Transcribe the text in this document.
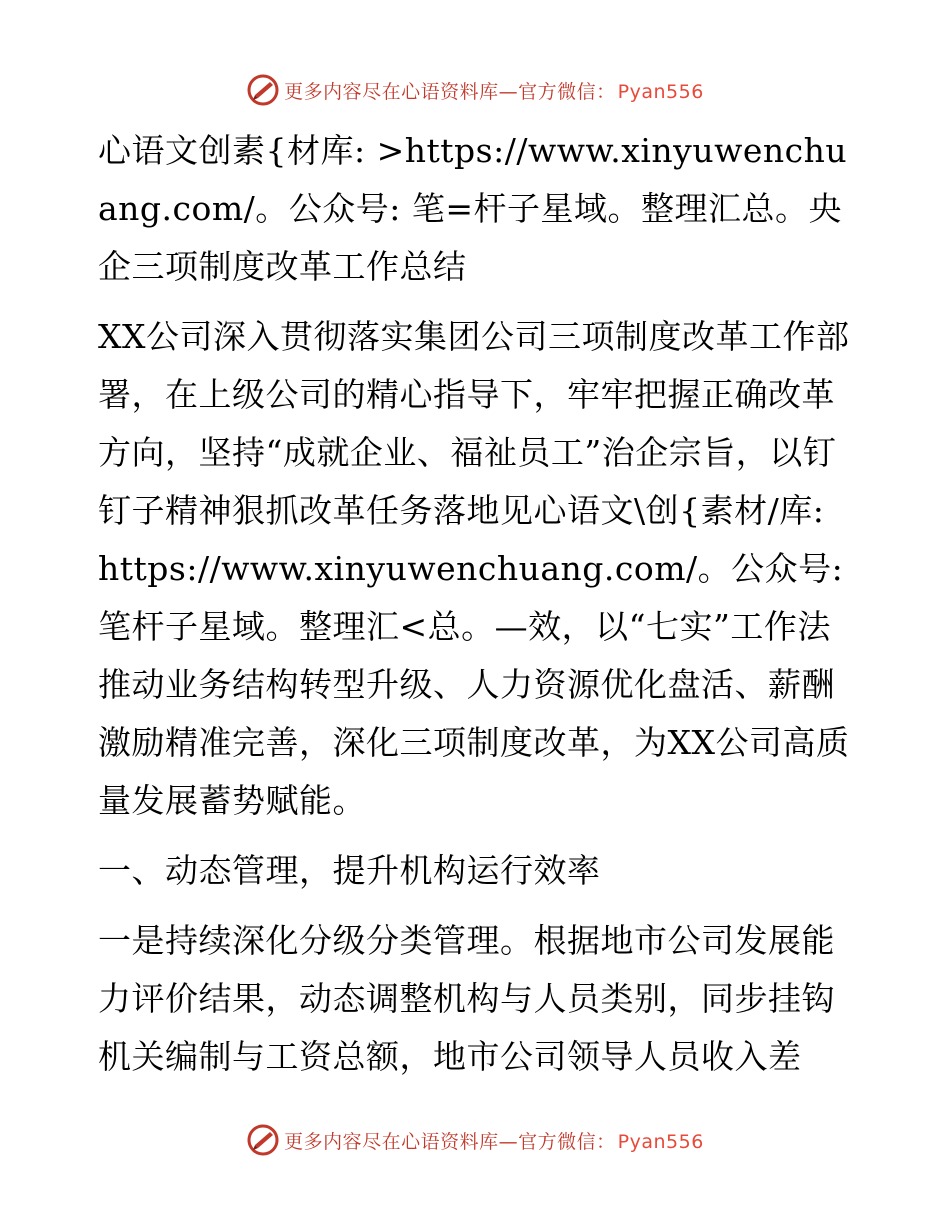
更多内容尽在心语资料库—官方微信： Pyan556

心语文创素{材库: >https://www.xinyuwenchuang.com/。公众号: 笔=杆子星域。整理汇总。央企三项制度改革工作总结

XX公司深入贯彻落实集团公司三项制度改革工作部署，在上级公司的精心指导下，牢牢把握正确改革方向，坚持“成就企业、福祉员工”治企宗旨，以钉钉子精神狠抓改革任务落地见心语文\创{素材/库: https://www.xinyuwenchuang.com/。公众号: 笔杆子星域。整理汇<总。—效，以“七实”工作法推动业务结构转型升级、人力资源优化盘活、薪酬激励精准完善，深化三项制度改革，为XX公司高质量发展蓄势赋能。

一、动态管理，提升机构运行效率

一是持续深化分级分类管理。根据地市公司发展能力评价结果，动态调整机构与人员类别，同步挂钩机关编制与工资总额，地市公司领导人员收入差

更多内容尽在心语资料库—官方微信： Pyan556
